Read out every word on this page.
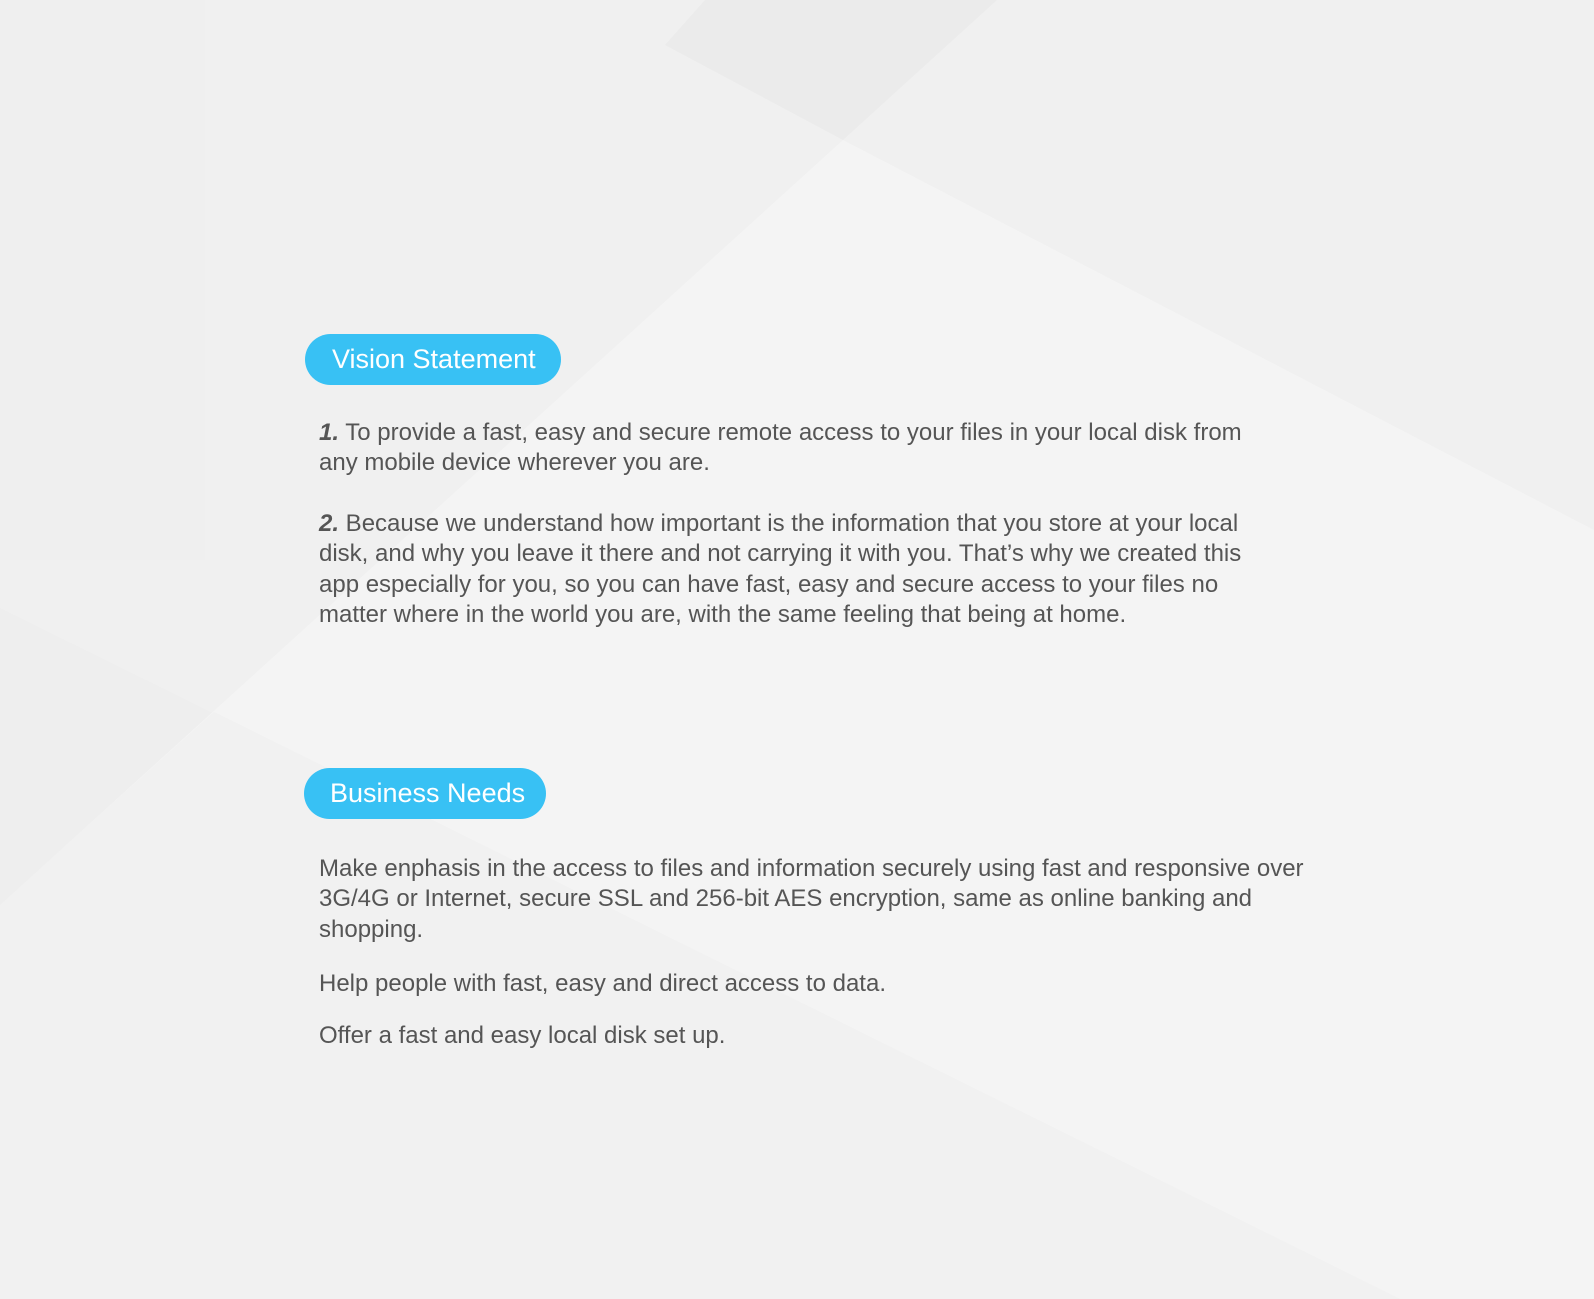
Vision Statement

1. To provide a fast, easy and secure remote access to your files in your local disk from any mobile device wherever you are.

2. Because we understand how important is the information that you store at your local disk, and why you leave it there and not carrying it with you. That’s why we created this app especially for you, so you can have fast, easy and secure access to your files no matter where in the world you are, with the same feeling that being at home.

Business Needs

Make enphasis in the access to files and information securely using fast and responsive over 3G/4G or Internet, secure SSL and 256-bit AES encryption, same as online banking and shopping.

Help people with fast, easy and direct access to data.

Offer a fast and easy local disk set up.
